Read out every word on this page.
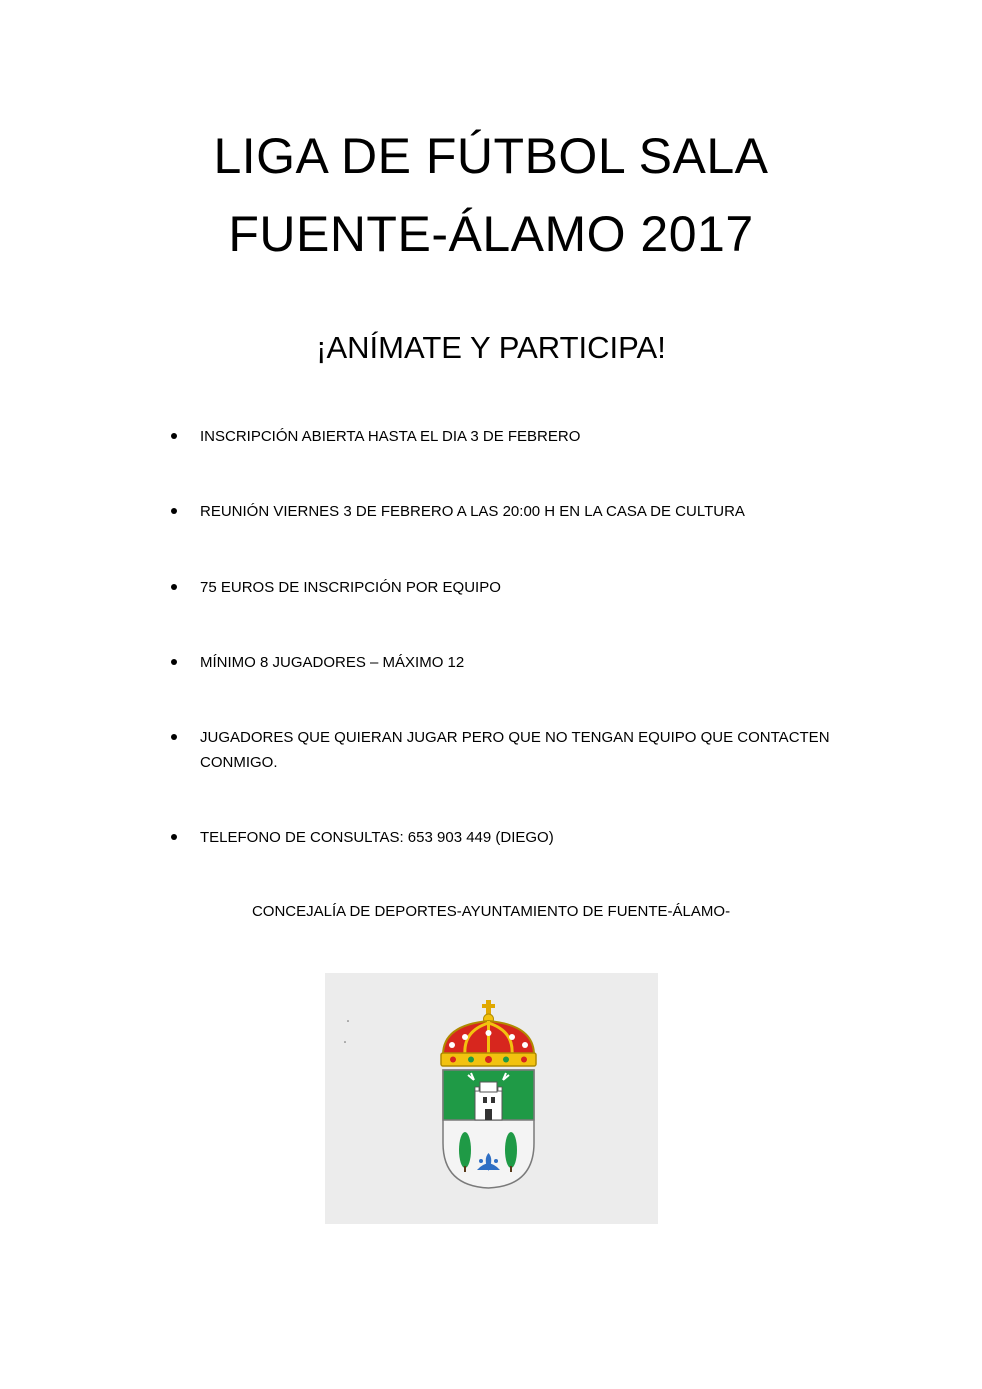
LIGA DE FÚTBOL SALA
FUENTE-ÁLAMO 2017
¡ANÍMATE Y PARTICIPA!
INSCRIPCIÓN ABIERTA HASTA EL DIA 3 DE FEBRERO
REUNIÓN VIERNES 3 DE FEBRERO A LAS 20:00 H EN LA CASA DE CULTURA
75 EUROS DE INSCRIPCIÓN POR EQUIPO
MÍNIMO 8 JUGADORES – MÁXIMO 12
JUGADORES QUE QUIERAN JUGAR PERO QUE NO TENGAN EQUIPO QUE CONTACTEN CONMIGO.
TELEFONO DE CONSULTAS: 653 903 449 (DIEGO)
CONCEJALÍA DE DEPORTES-AYUNTAMIENTO DE FUENTE-ÁLAMO-
